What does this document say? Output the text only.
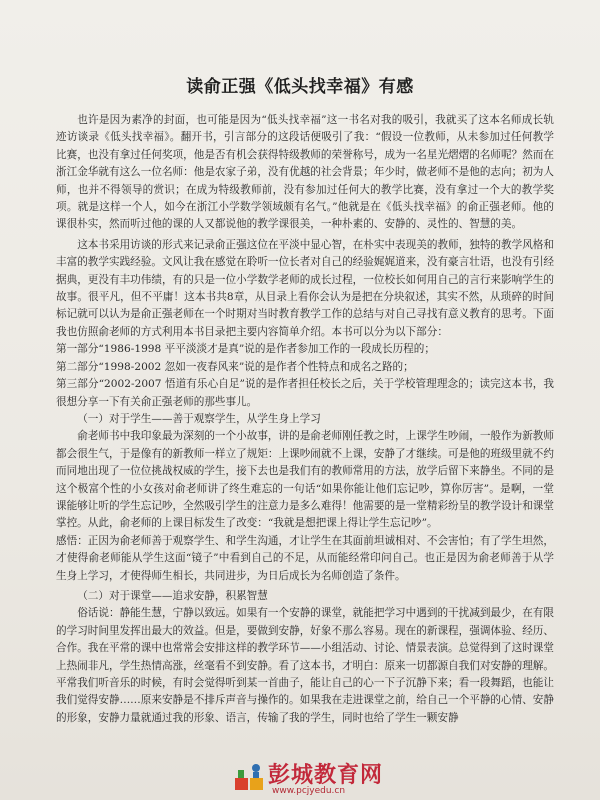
读俞正强《低头找幸福》有感

也许是因为素净的封面，也可能是因为“低头找幸福”这一书名对我的吸引，我就买了这本名师成长轨迹访谈录《低头找幸福》。翻开书，引言部分的这段话便吸引了我：“假设一位教师，从未参加过任何教学比赛，也没有拿过任何奖项，他是否有机会获得特级教师的荣誉称号，成为一名星光熠熠的名师呢？然而在浙江金华就有这么一位名师：他是农家子弟，没有优越的社会背景；年少时，做老师不是他的志向；初为人师，也并不得领导的赏识；在成为特级教师前，没有参加过任何大的教学比赛，没有拿过一个大的教学奖项。就是这样一个人，如今在浙江小学数学领域颇有名气。”他就是在《低头找幸福》的俞正强老师。他的课很朴实，然而听过他的课的人又都说他的教学课很美，一种朴素的、安静的、灵性的、智慧的美。

这本书采用访谈的形式来记录俞正强这位在平淡中显心智，在朴实中表现美的教师，独特的教学风格和丰富的教学实践经验。文风让我在感觉在聆听一位长者对自己的经验娓娓道来，没有豪言壮语，也没有引经据典，更没有丰功伟绩，有的只是一位小学数学老师的成长过程，一位校长如何用自己的言行来影响学生的故事。很平凡，但不平庸！这本书共8章，从目录上看你会认为是把在分块叙述，其实不然，从琐碎的时间标记就可以认为是俞正强老师在一个时期对当时教育教学工作的总结与对自己寻找有意义教育的思考。下面我也仿照俞老师的方式利用本书目录把主要内容简单介绍。本书可以分为以下部分：

第一部分“1986-1998 平平淡淡才是真”说的是作者参加工作的一段成长历程的；

第二部分“1998-2002 忽如一夜春风来”说的是作者个性特点和成名之路的；

第三部分“2002-2007 悟道有乐心自足”说的是作者担任校长之后，关于学校管理理念的；读完这本书，我很想分享一下有关俞正强老师的那些事儿。

（一）对于学生——善于观察学生，从学生身上学习

俞老师书中我印象最为深刻的一个小故事，讲的是俞老师刚任教之时，上课学生吵闹，一般作为新教师都会很生气，于是像有的新教师一样立了规矩：上课吵闹就不上课，安静了才继续。可是他的班级里就不约而同地出现了一位位挑战权威的学生，接下去也是我们有的教师常用的方法，放学后留下来静坐。不同的是这个极富个性的小女孩对俞老师讲了终生难忘的一句话“如果你能让他们忘记吵，算你厉害”。是啊，一堂课能够让听的学生忘记吵，全然吸引学生的注意力是多么难得！他需要的是一堂精彩纷呈的教学设计和课堂掌控。从此，俞老师的上课目标发生了改变：“我就是想把课上得让学生忘记吵”。

感悟：正因为俞老师善于观察学生、和学生沟通，才让学生在其面前坦诚相对、不会害怕；有了学生坦然，才使得俞老师能从学生这面“镜子”中看到自己的不足，从而能经常印问自己。也正是因为俞老师善于从学生身上学习，才使得师生相长，共同进步，为日后成长为名师创造了条件。

（二）对于课堂——追求安静，积累智慧

俗话说：静能生慧，宁静以致远。如果有一个安静的课堂，就能把学习中遇到的干扰减到最少，在有限的学习时间里发挥出最大的效益。但是，要做到安静，好象不那么容易。现在的新课程，强调体验、经历、合作。我在平常的课中也常常会安排这样的教学环节——小组活动、讨论、情景表演。总觉得到了这时课堂上热闹非凡，学生热情高涨，丝毫看不到安静。看了这本书，才明白：原来一切都源自我们对安静的理解。平常我们听音乐的时候，有时会觉得听到某一首曲子，能让自己的心一下子沉静下来；看一段舞蹈，也能让我们觉得安静……原来安静是不排斥声音与操作的。如果我在走进课堂之前，给自己一个平静的心情、安静的形象，安静力量就通过我的形象、语言，传输了我的学生，同时也给了学生一颗安静

彭城教育网
www.pcjyedu.cn
